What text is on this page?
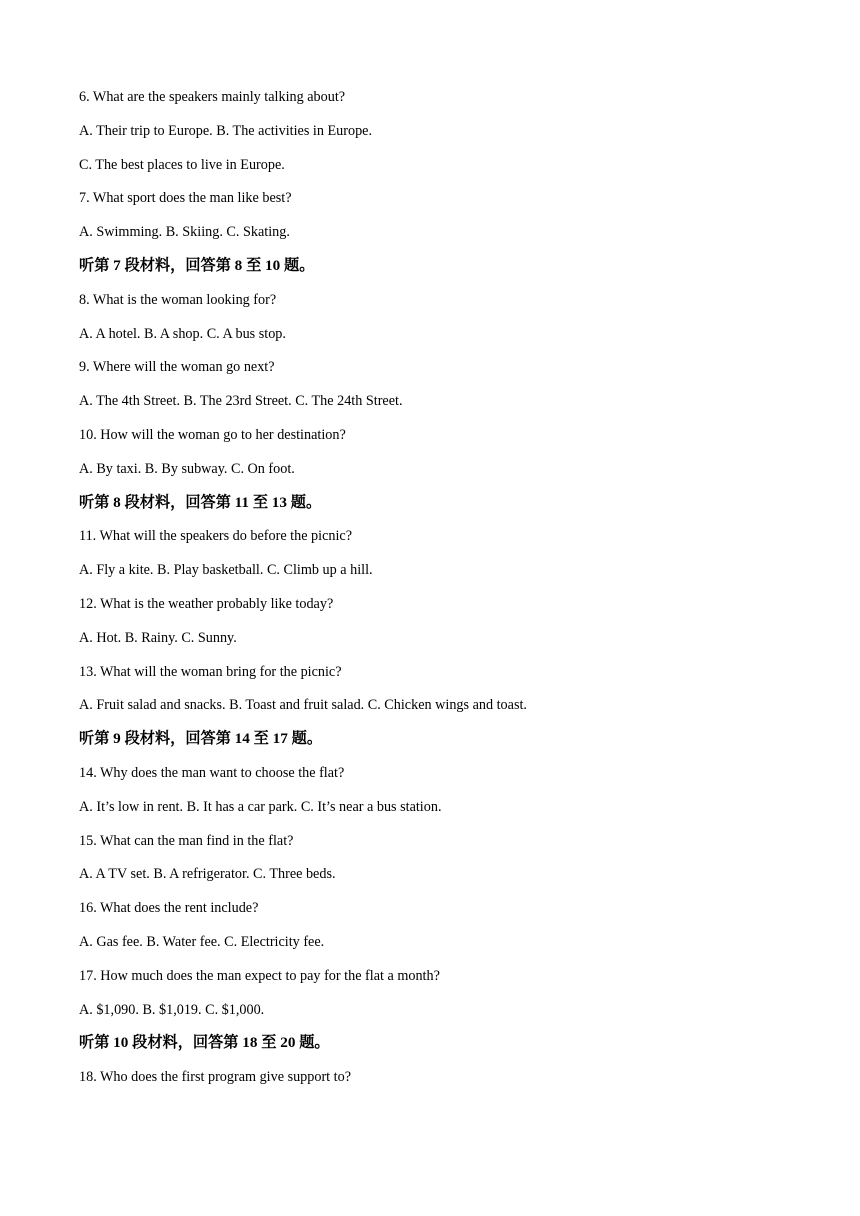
6. What are the speakers mainly talking about?
A. Their trip to Europe. B. The activities in Europe.
C. The best places to live in Europe.
7. What sport does the man like best?
A. Swimming. B. Skiing. C. Skating.
听第 7 段材料，回答第 8 至 10 题。
8. What is the woman looking for?
A. A hotel. B. A shop. C. A bus stop.
9. Where will the woman go next?
A. The 4th Street. B. The 23rd Street. C. The 24th Street.
10. How will the woman go to her destination?
A. By taxi. B. By subway. C. On foot.
听第 8 段材料，回答第 11 至 13 题。
11. What will the speakers do before the picnic?
A. Fly a kite. B. Play basketball. C. Climb up a hill.
12. What is the weather probably like today?
A. Hot. B. Rainy. C. Sunny.
13. What will the woman bring for the picnic?
A. Fruit salad and snacks. B. Toast and fruit salad. C. Chicken wings and toast.
听第 9 段材料，回答第 14 至 17 题。
14. Why does the man want to choose the flat?
A. It’s low in rent. B. It has a car park. C. It’s near a bus station.
15. What can the man find in the flat?
A. A TV set. B. A refrigerator. C. Three beds.
16. What does the rent include?
A. Gas fee. B. Water fee. C. Electricity fee.
17. How much does the man expect to pay for the flat a month?
A. $1,090. B. $1,019. C. $1,000.
听第 10 段材料，回答第 18 至 20 题。
18. Who does the first program give support to?
